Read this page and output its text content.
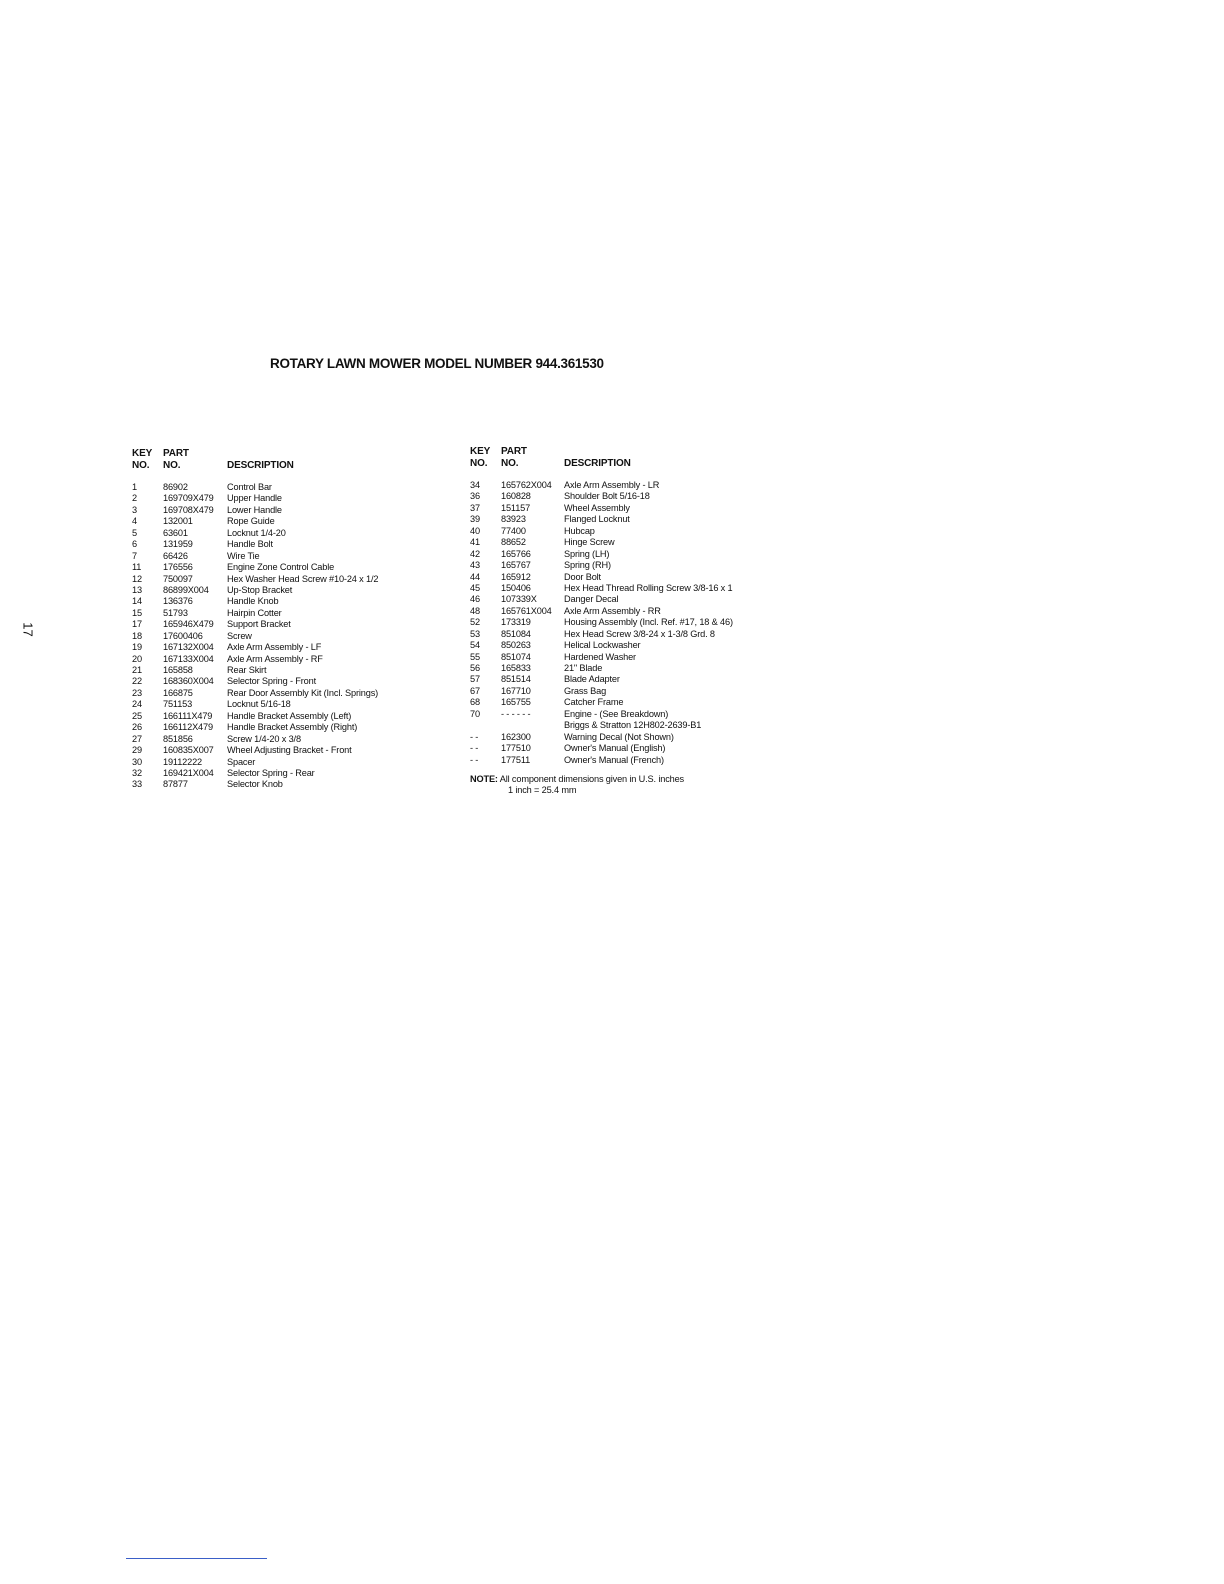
ROTARY LAWN MOWER MODEL NUMBER 944.361530
17
KEY PART
NO. NO.	DESCRIPTION
1	86902	Control Bar
2	169709X479 Upper Handle
3	169708X479 Lower Handle
4	132001	Rope Guide
5	63601	Locknut 1/4-20
6	131959	Handle Bolt
7	66426	Wire Tie
11 176556	Engine Zone Control Cable
12 750097	Hex Washer Head Screw #10-24 x 1/2
13 86899X004 Up-Stop Bracket
14 136376	Handle Knob
15 51793	Hairpin Cotter
17 165946X479 Support Bracket
18 17600406	Screw
19 167132X004 Axle Arm Assembly - LF
20 167133X004 Axle Arm Assembly - RF
21 165858	Rear Skirt
22 168360X004 Selector Spring - Front
23 166875	Rear Door Assembly Kit (Incl. Springs)
24 751153	Locknut 5/16-18
25 166111X479 Handle Bracket Assembly (Left)
26 166112X479 Handle Bracket Assembly (Right)
27 851856	Screw 1/4-20 x 3/8
29 160835X007 Wheel Adjusting Bracket - Front
30 19112222	Spacer
32 169421X004 Selector Spring - Rear
33 87877	Selector Knob
KEY PART
NO. NO.	DESCRIPTION
34 165762X004 Axle Arm Assembly - LR
36 160828	Shoulder Bolt 5/16-18
37 151157	Wheel Assembly
39 83923	Flanged Locknut
40 77400	Hubcap
41 88652	Hinge Screw
42 165766	Spring (LH)
43 165767	Spring (RH)
44 165912	Door Bolt
45 150406	Hex Head Thread Rolling Screw 3/8-16 x 1
46 107339X	Danger Decal
48 165761X004 Axle Arm Assembly - RR
52 173319	Housing Assembly (Incl. Ref. #17, 18 & 46)
53 851084	Hex Head Screw 3/8-24 x 1-3/8 Grd. 8
54 850263	Helical Lockwasher
55 851074	Hardened Washer
56 165833	21" Blade
57 851514	Blade Adapter
67 167710	Grass Bag
68 165755	Catcher Frame
70 - - - - - -	Engine - (See Breakdown)
Briggs & Stratton 12H802-2639-B1
- - 162300	Warning Decal (Not Shown)
- - 177510	Owner's Manual (English)
- - 177511	Owner's Manual (French)
NOTE: All component dimensions given in U.S. inches
1 inch = 25.4 mm
